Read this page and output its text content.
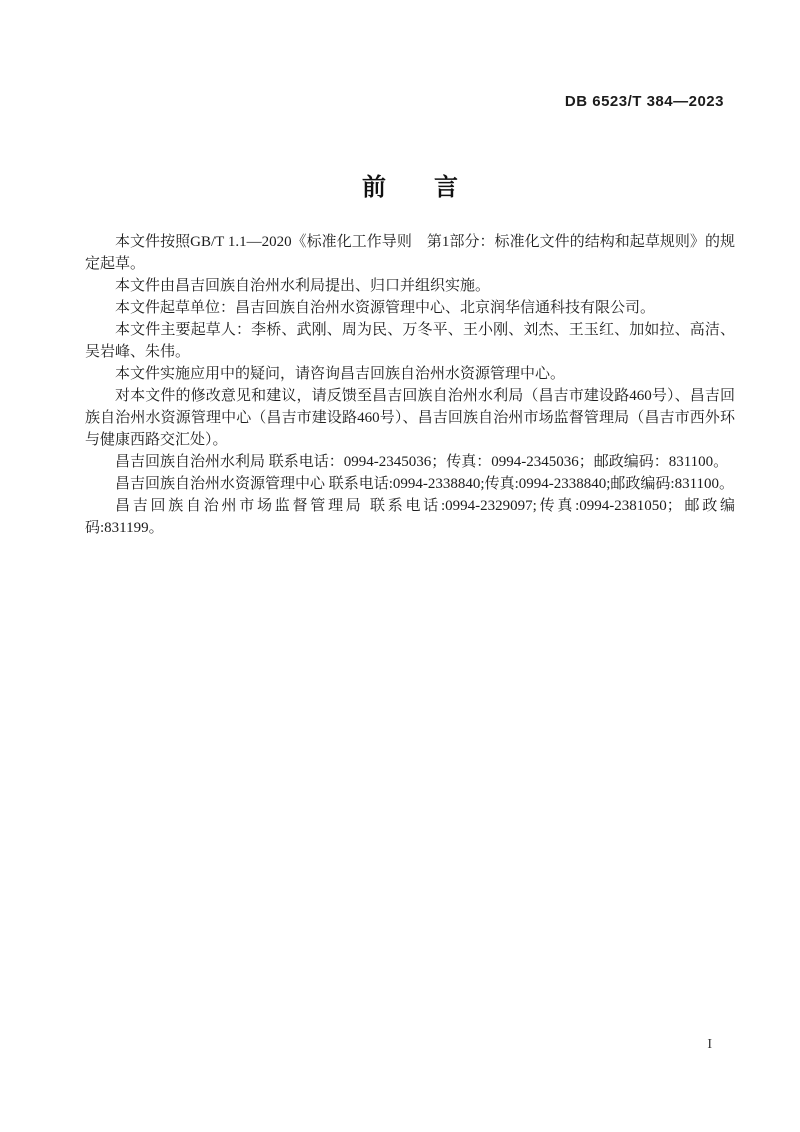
DB 6523/T 384—2023
前　　言

本文件按照GB/T 1.1—2020《标准化工作导则　第1部分：标准化文件的结构和起草规则》的规定起草。

本文件由昌吉回族自治州水利局提出、归口并组织实施。

本文件起草单位：昌吉回族自治州水资源管理中心、北京润华信通科技有限公司。

本文件主要起草人：李桥、武刚、周为民、万冬平、王小刚、刘杰、王玉红、加如拉、高洁、吴岩峰、朱伟。

本文件实施应用中的疑问，请咨询昌吉回族自治州水资源管理中心。

对本文件的修改意见和建议，请反馈至昌吉回族自治州水利局（昌吉市建设路460号）、昌吉回族自治州水资源管理中心（昌吉市建设路460号）、昌吉回族自治州市场监督管理局（昌吉市西外环与健康西路交汇处）。

昌吉回族自治州水利局 联系电话：0994-2345036；传真：0994-2345036；邮政编码：831100。

昌吉回族自治州水资源管理中心 联系电话:0994-2338840;传真:0994-2338840;邮政编码:831100。

昌吉回族自治州市场监督管理局 联系电话:0994-2329097;传真:0994-2381050；邮政编码:831199。

I
